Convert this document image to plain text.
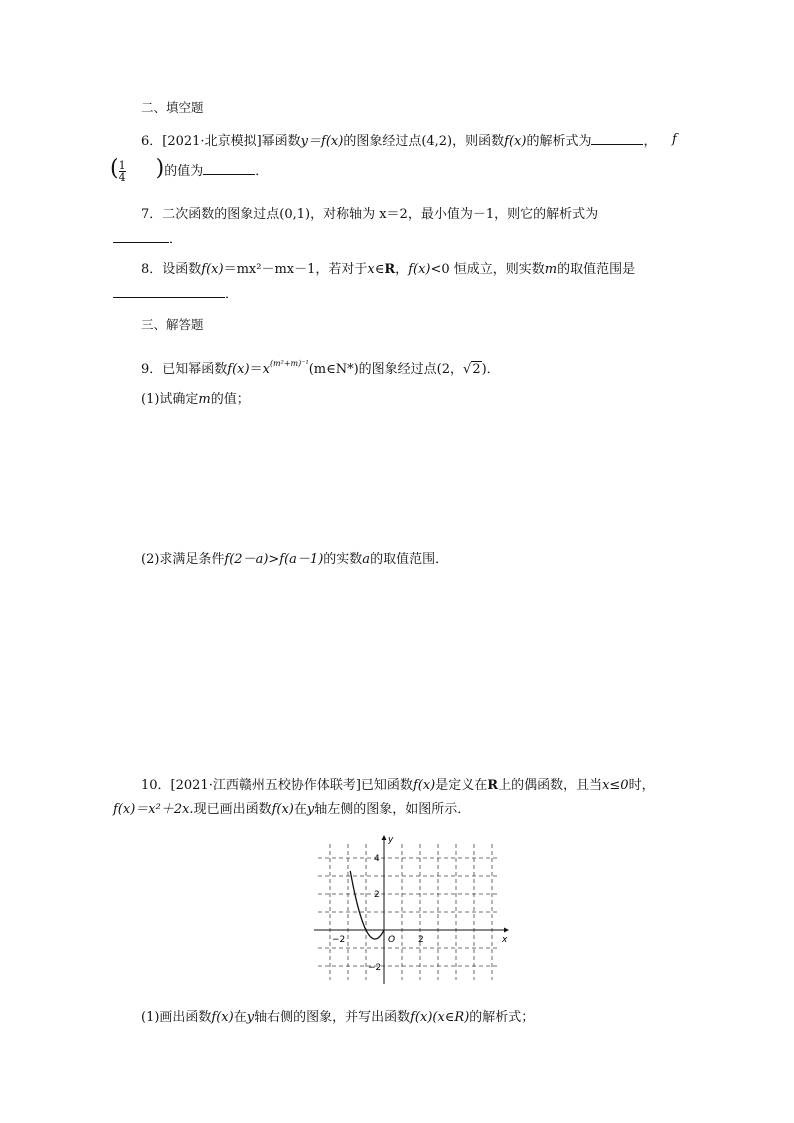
二、填空题
6．[2021·北京模拟]幂函数y＝f(x)的图象经过点(4,2)，则函数f(x)的解析式为	， f
( $\frac{1}{4}$ )的值为	．
7．二次函数的图象过点(0,1)，对称轴为 x＝2，最小值为－1，则它的解析式为
．
8．设函数f(x)＝mx²－mx－1，若对于x∈R，f(x)<0 恒成立，则实数m的取值范围是
．
三、解答题
9．已知幂函数$f(x)=x^{(m^2+m)^{-1}}(m\in N*)$的图象经过点(2，√2)．
(1)试确定m的值；
(2)求满足条件f(2－a)>f(a－1)的实数a的取值范围．
10．[2021·江西赣州五校协作体联考]已知函数f(x)是定义在R上的偶函数，且当x≤0时，
f(x)＝x²＋2x.现已画出函数f(x)在y轴左侧的图象，如图所示．
x
y
O
−2	2
4
2
−2
(1)画出函数f(x)在y轴右侧的图象，并写出函数f(x)(x∈R)的解析式；
